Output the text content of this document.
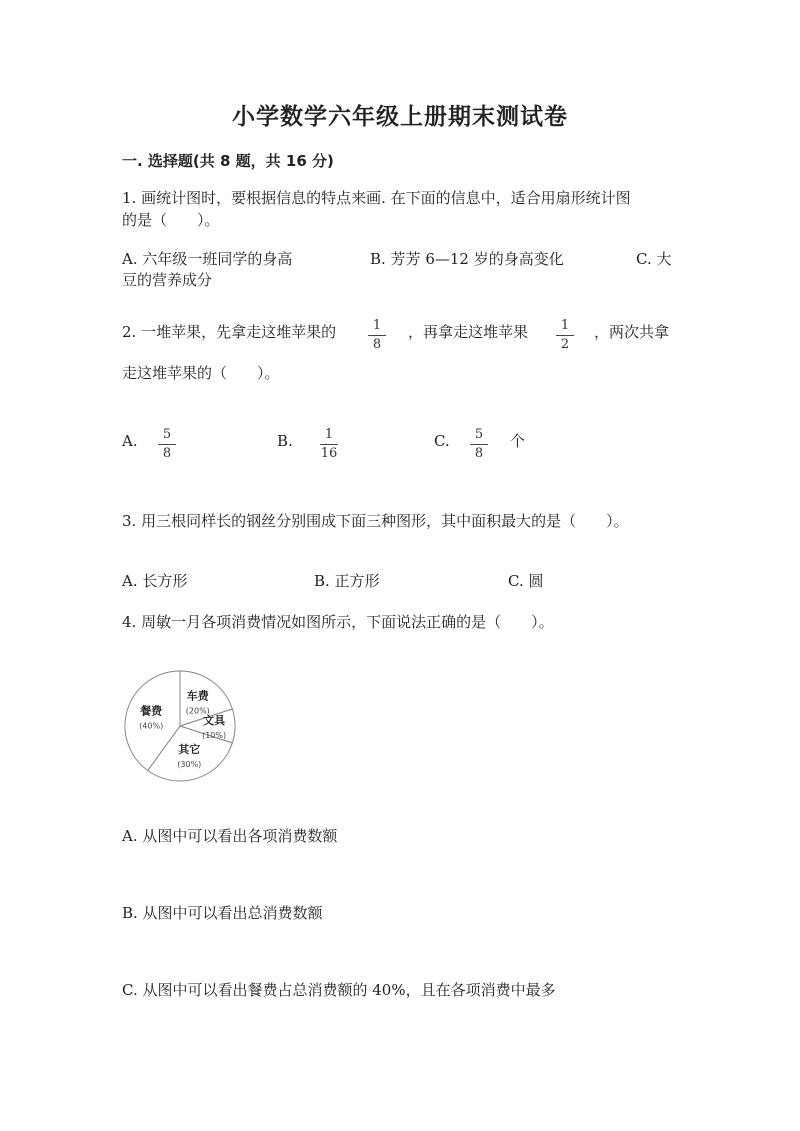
小学数学六年级上册期末测试卷
一. 选择题(共 8 题，共 16 分)
1. 画统计图时，要根据信息的特点来画. 在下面的信息中，适合用扇形统计图
的是（　　）。
A. 六年级一班同学的身高	B. 芳芳 6—12 岁的身高变化	C. 大
豆的营养成分
2. 一堆苹果，先拿走这堆苹果的	1
8
，再拿走这堆苹果	1
2
，两次共拿
走这堆苹果的（　　）。
A.	5
8
B.	1
16
C.	5
8
个
3. 用三根同样长的钢丝分别围成下面三种图形，其中面积最大的是（　　）。
A. 长方形	B. 正方形	C. 圆
4. 周敏一月各项消费情况如图所示，下面说法正确的是（　　）。
车费
(20%)
文具
(10%)
其它
(30%)
餐费
(40%)
A. 从图中可以看出各项消费数额
B. 从图中可以看出总消费数额
C. 从图中可以看出餐费占总消费额的 40%，且在各项消费中最多
